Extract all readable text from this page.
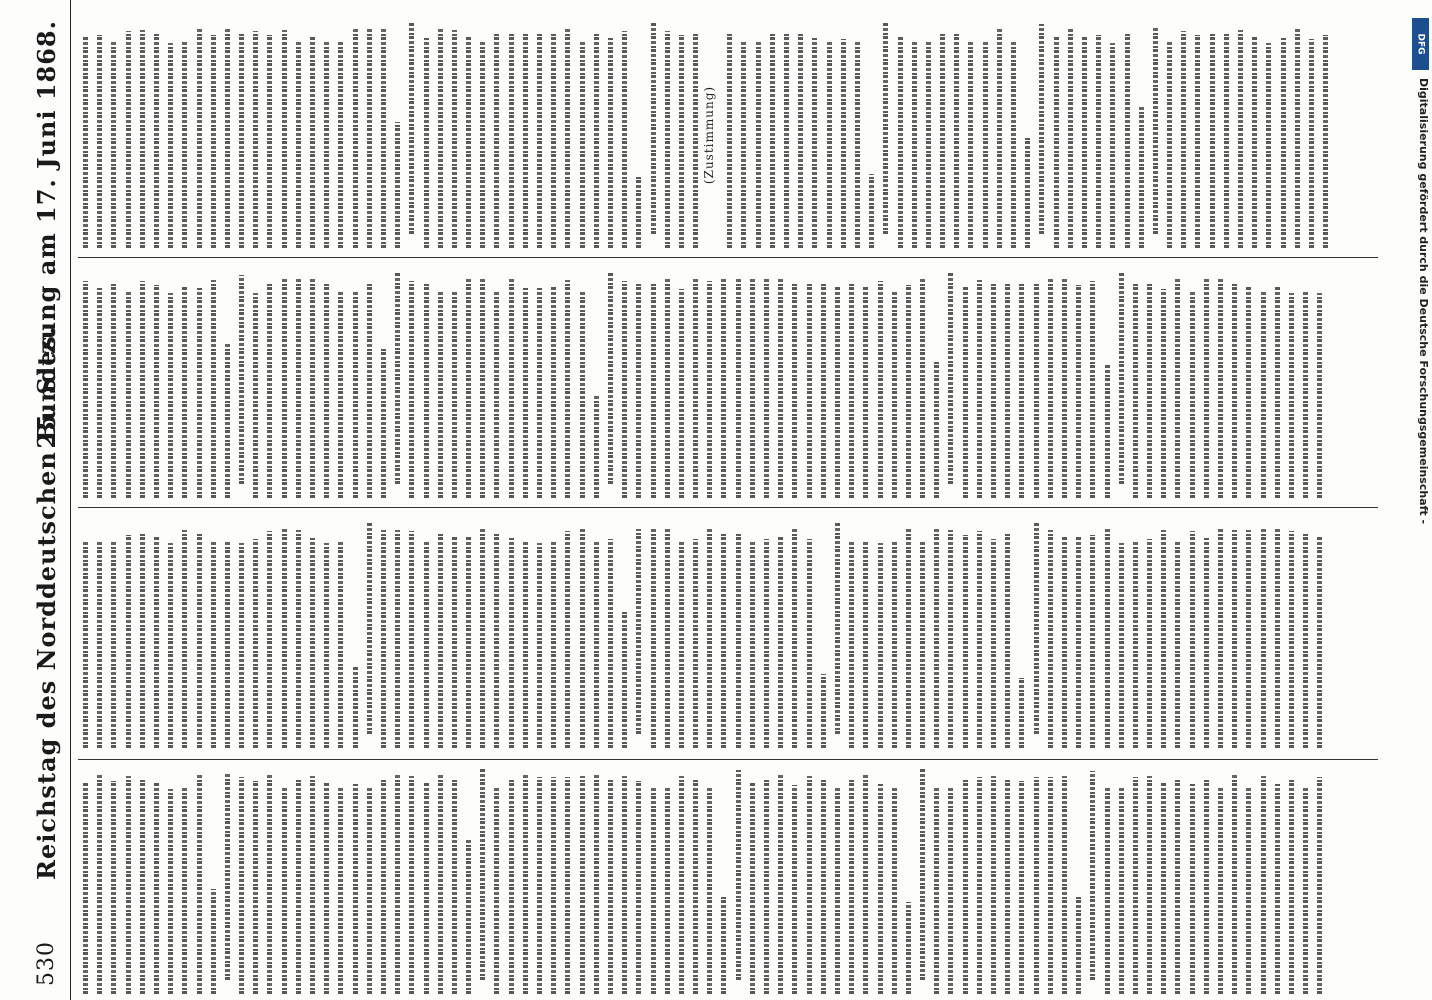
530
Reichstag des Norddeutschen Bundes.
25. Sitzung am 17. Juni 1868.	(Zustimmung)
DFG
Digitalisierung gefördert durch die Deutsche Forschungsgemeinschaft -
